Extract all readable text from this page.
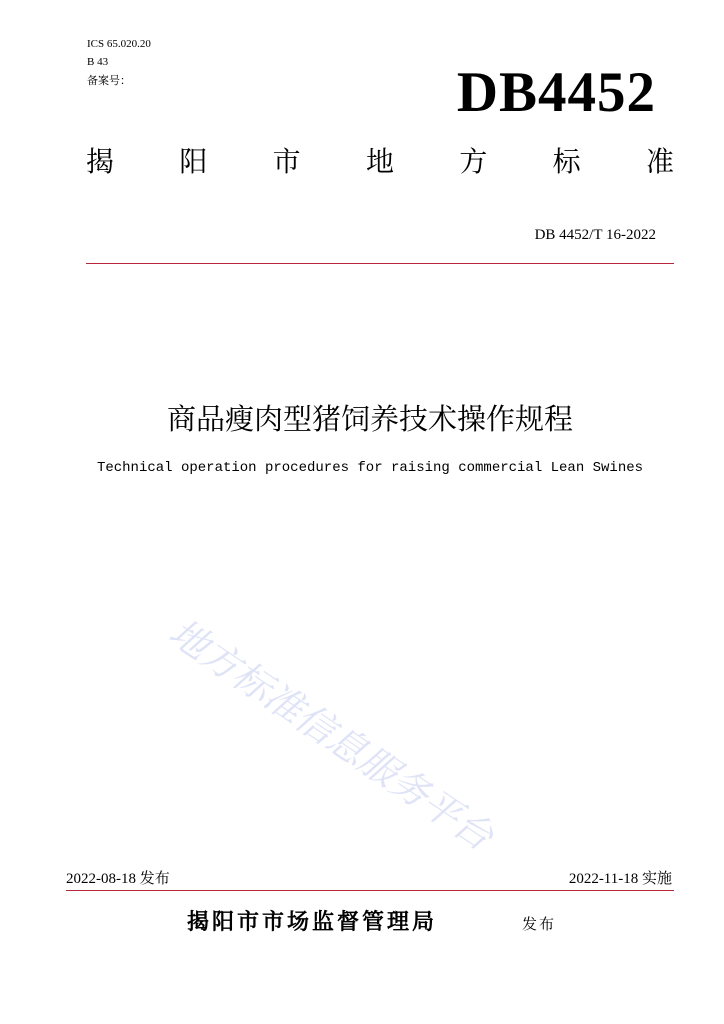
ICS 65.020.20
B 43
备案号：	DB4452
揭 阳 市 地 方 标 准
DB 4452/T 16-2022
商品瘦肉型猪饲养技术操作规程
Technical operation procedures for raising commercial Lean Swines
地方标准信息服务平台
2022-08-18 发布	2022-11-18 实施
揭阳市市场监督管理局	发布
